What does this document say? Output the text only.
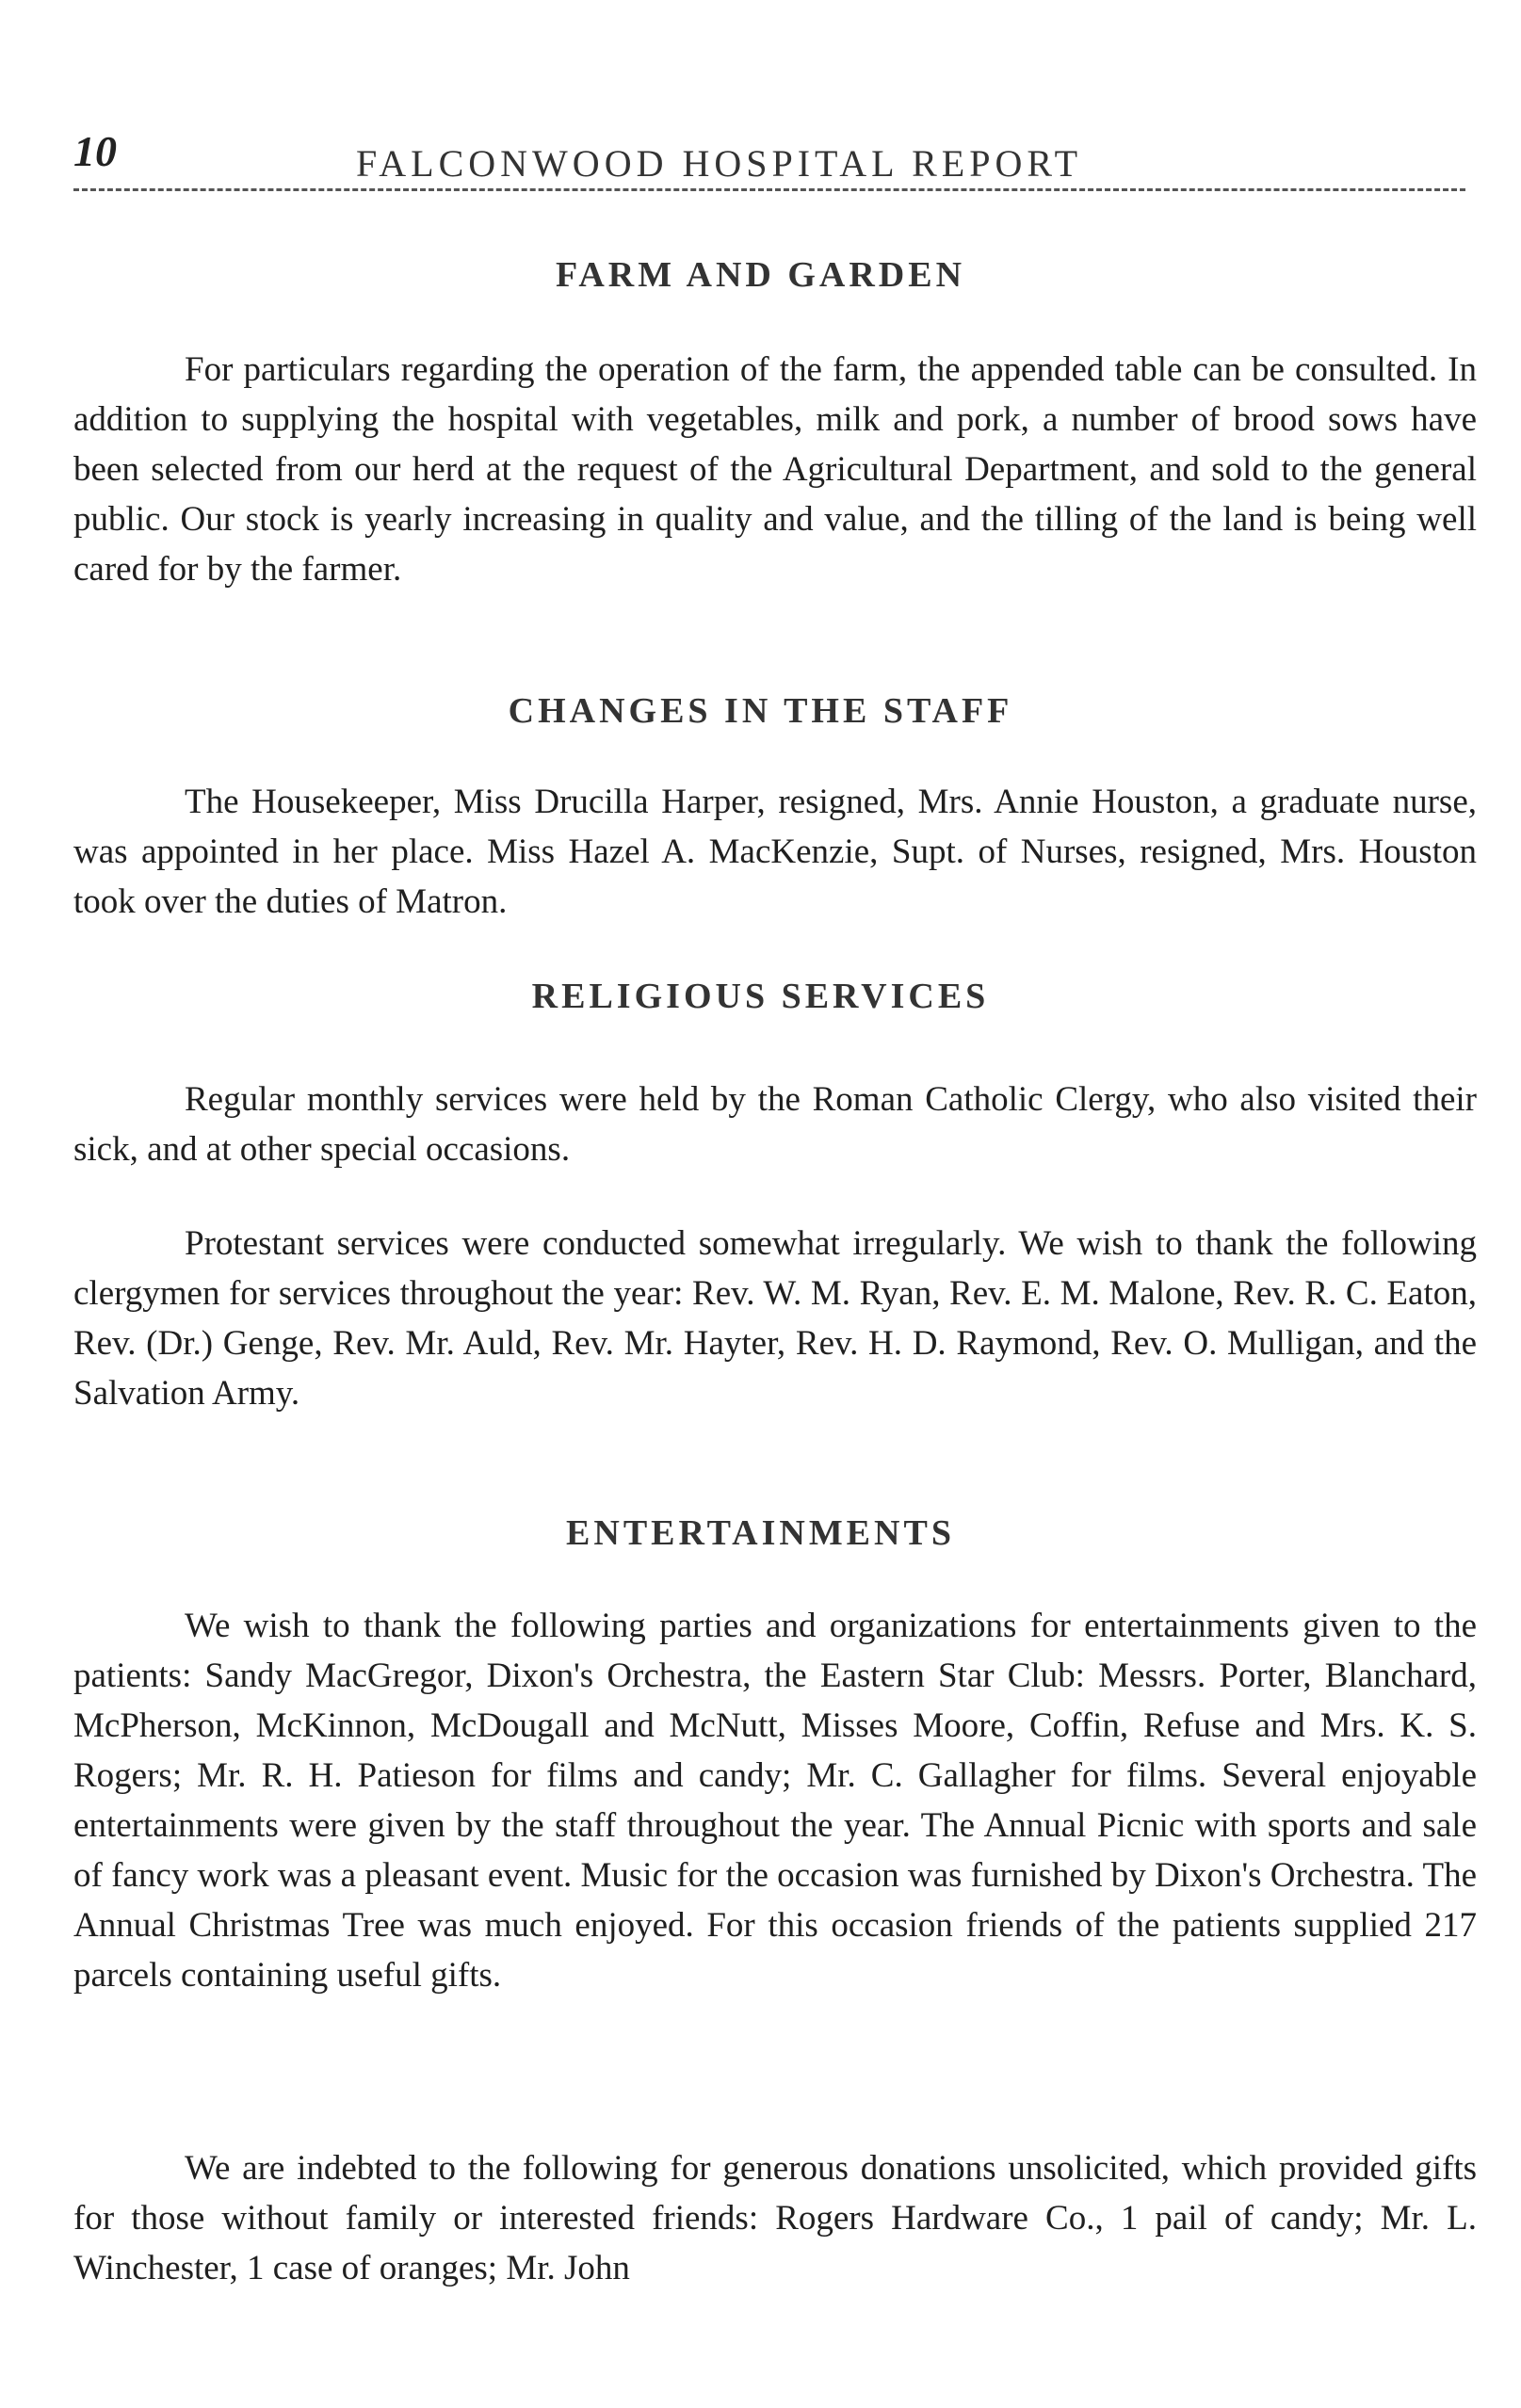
10	FALCONWOOD HOSPITAL REPORT
FARM AND GARDEN

For particulars regarding the operation of the farm, the appended table can be consulted. In addition to supplying the hospital with vegetables, milk and pork, a number of brood sows have been selected from our herd at the request of the Agricultural Department, and sold to the general public. Our stock is yearly increasing in quality and value, and the tilling of the land is being well cared for by the farmer.

CHANGES IN THE STAFF

The Housekeeper, Miss Drucilla Harper, resigned, Mrs. Annie Houston, a graduate nurse, was appointed in her place. Miss Hazel A. MacKenzie, Supt. of Nurses, resigned, Mrs. Houston took over the duties of Matron.

RELIGIOUS SERVICES

Regular monthly services were held by the Roman Catholic Clergy, who also visited their sick, and at other special occasions.

Protestant services were conducted somewhat irregularly. We wish to thank the following clergymen for services throughout the year: Rev. W. M. Ryan, Rev. E. M. Malone, Rev. R. C. Eaton, Rev. (Dr.) Genge, Rev. Mr. Auld, Rev. Mr. Hayter, Rev. H. D. Raymond, Rev. O. Mulligan, and the Salvation Army.

ENTERTAINMENTS

We wish to thank the following parties and organizations for entertainments given to the patients: Sandy MacGregor, Dixon's Orchestra, the Eastern Star Club: Messrs. Porter, Blanchard, McPherson, McKinnon, McDougall and McNutt, Misses Moore, Coffin, Refuse and Mrs. K. S. Rogers; Mr. R. H. Patieson for films and candy; Mr. C. Gallagher for films. Several enjoyable entertainments were given by the staff throughout the year. The Annual Picnic with sports and sale of fancy work was a pleasant event. Music for the occasion was furnished by Dixon's Orchestra. The Annual Christmas Tree was much enjoyed. For this occasion friends of the patients supplied 217 parcels containing useful gifts.

We are indebted to the following for generous donations unsolicited, which provided gifts for those without family or interested friends: Rogers Hardware Co., 1 pail of candy; Mr. L. Winchester, 1 case of oranges; Mr. John
